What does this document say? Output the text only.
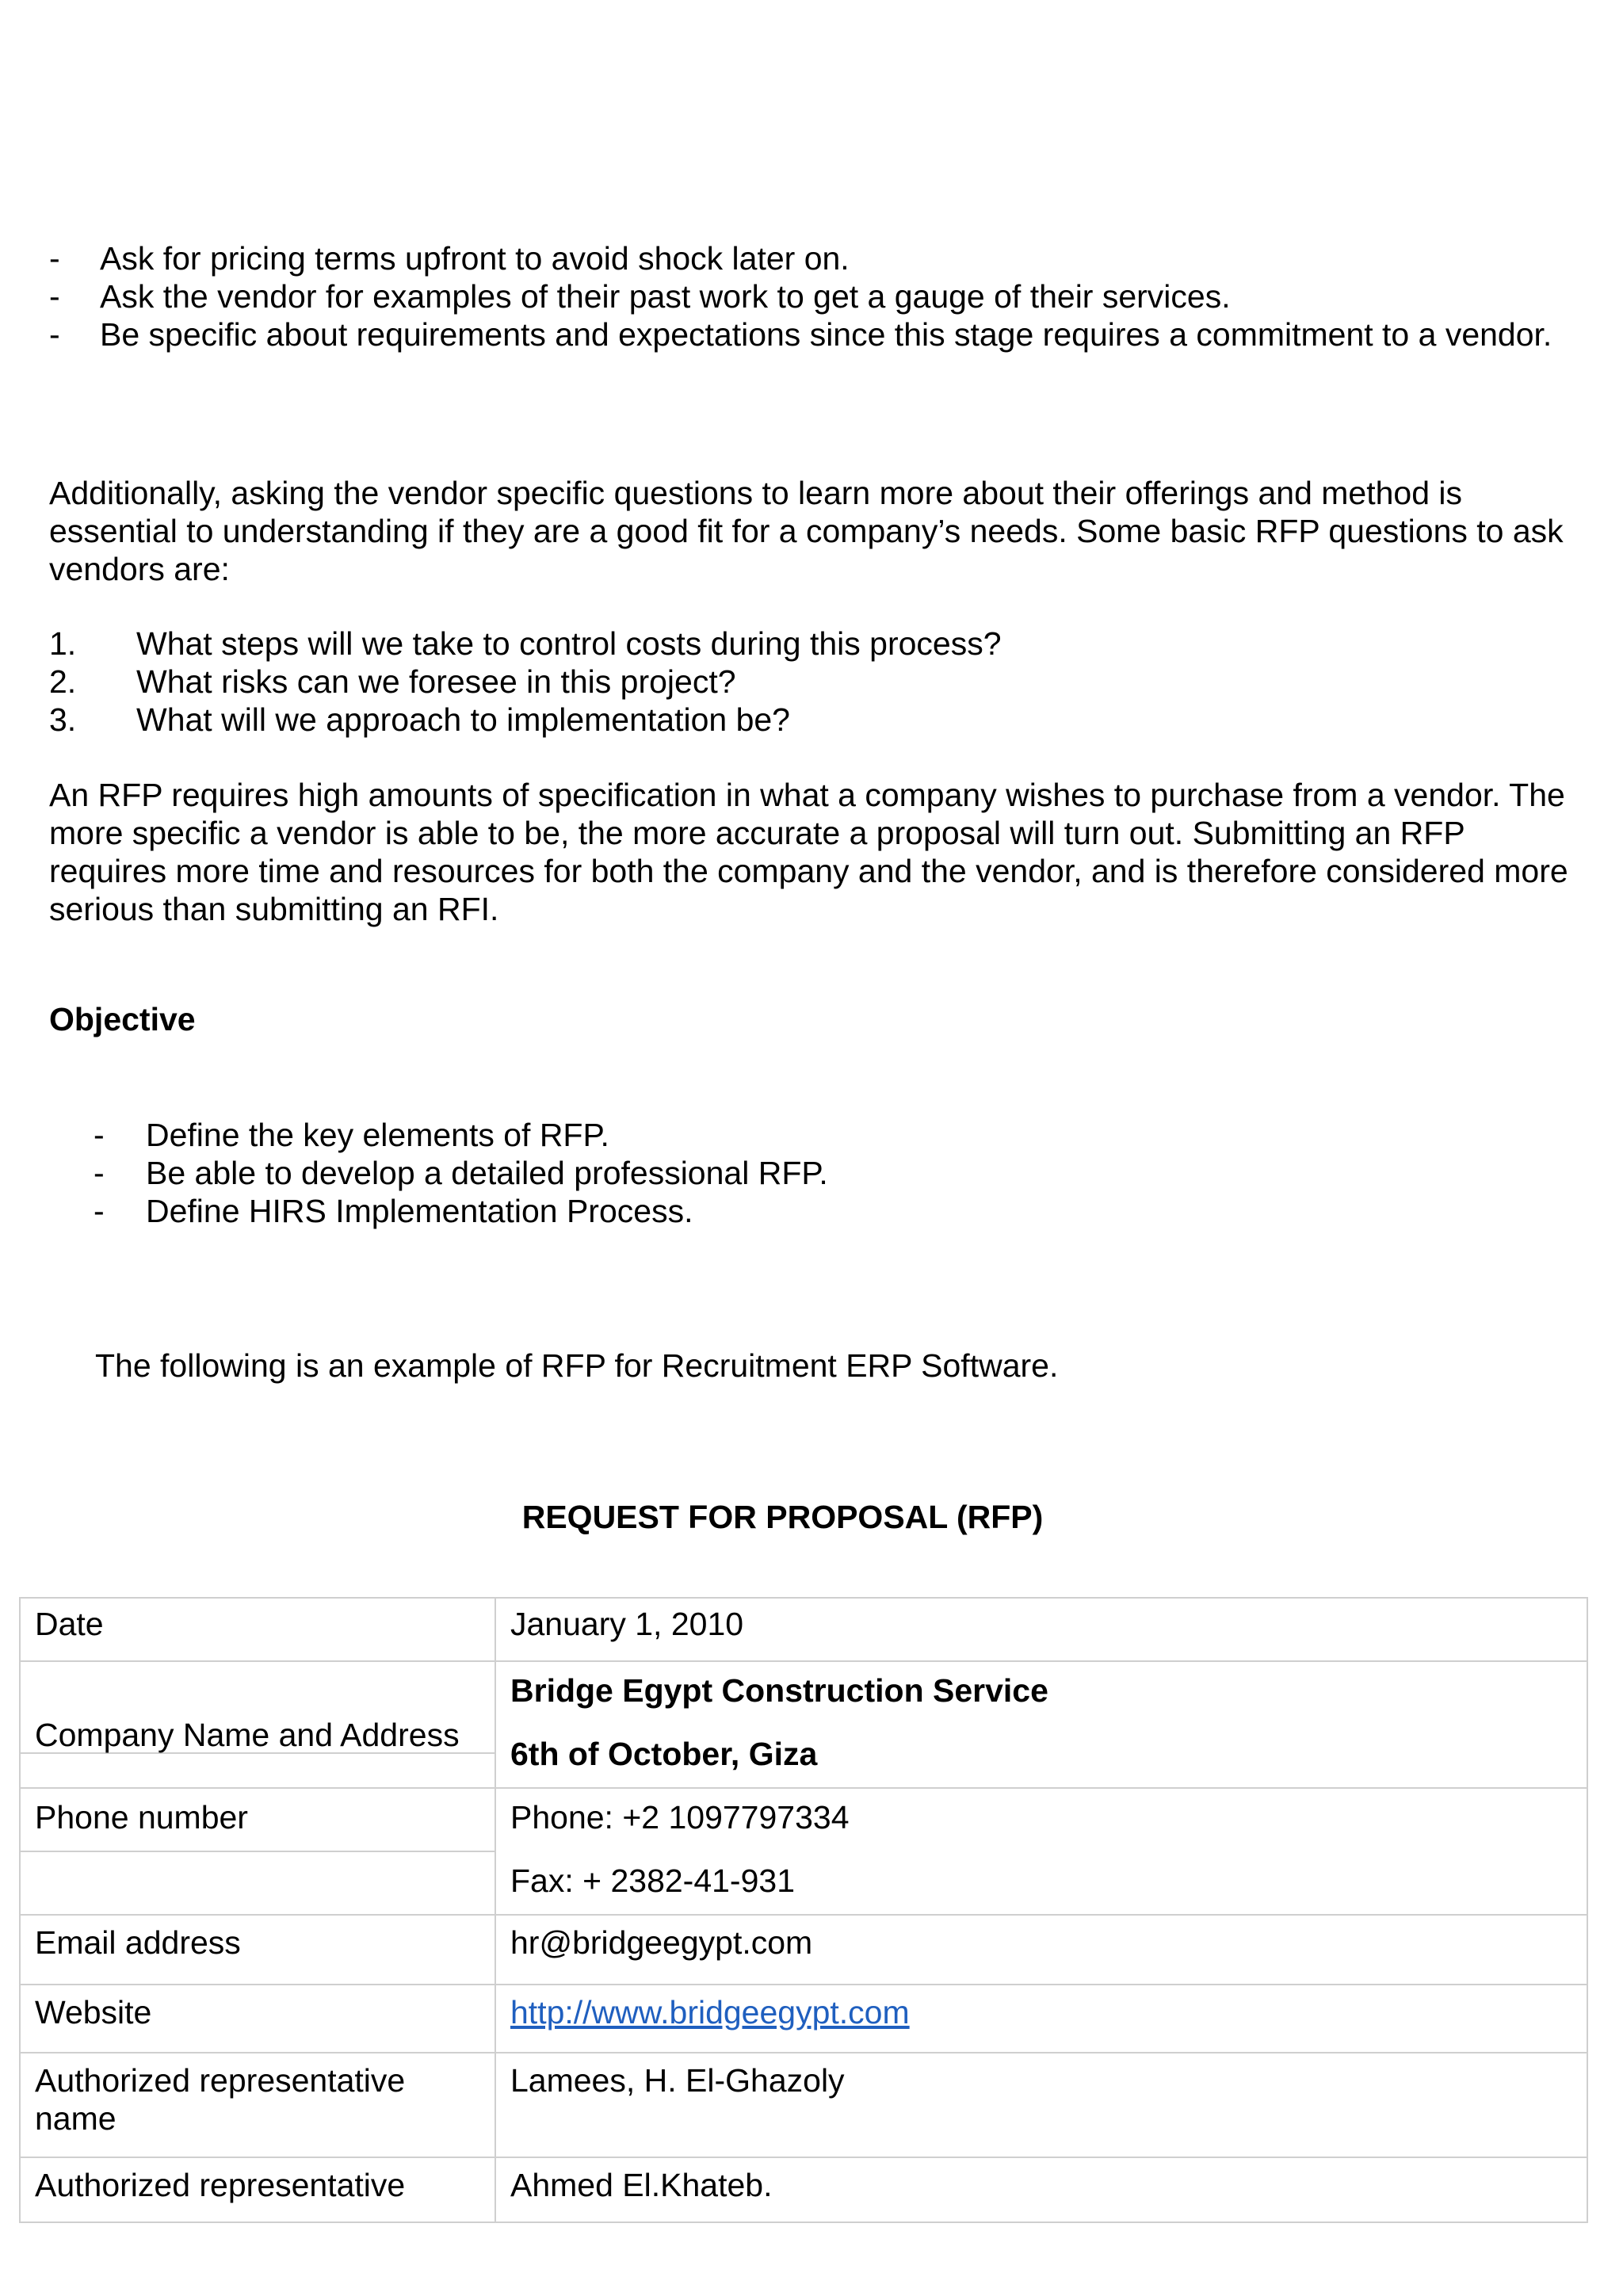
- Ask for pricing terms upfront to avoid shock later on.
- Ask the vendor for examples of their past work to get a gauge of their services.
- Be specific about requirements and expectations since this stage requires a commitment to a vendor.

Additionally, asking the vendor specific questions to learn more about their offerings and method is essential to understanding if they are a good fit for a company’s needs. Some basic RFP questions to ask vendors are:

1.	What steps will we take to control costs during this process?
2.	What risks can we foresee in this project?
3.	What will we approach to implementation be?

An RFP requires high amounts of specification in what a company wishes to purchase from a vendor. The more specific a vendor is able to be, the more accurate a proposal will turn out. Submitting an RFP requires more time and resources for both the company and the vendor, and is therefore considered more serious than submitting an RFI.

Objective

- Define the key elements of RFP.
- Be able to develop a detailed professional RFP.
- Define HIRS Implementation Process.

The following is an example of RFP for Recruitment ERP Software.

REQUEST FOR PROPOSAL (RFP)

Date	January 1, 2010

Company Name and Address	Bridge Egypt Construction Service
6th of October, Giza

Phone number	Phone: +2 1097797334
Fax: + 2382-41-931

Email address	hr@bridgeegypt.com
Website	http://www.bridgeegypt.com
Authorized representative name	Lamees, H. El-Ghazoly
Authorized representative	Ahmed El.Khateb.
